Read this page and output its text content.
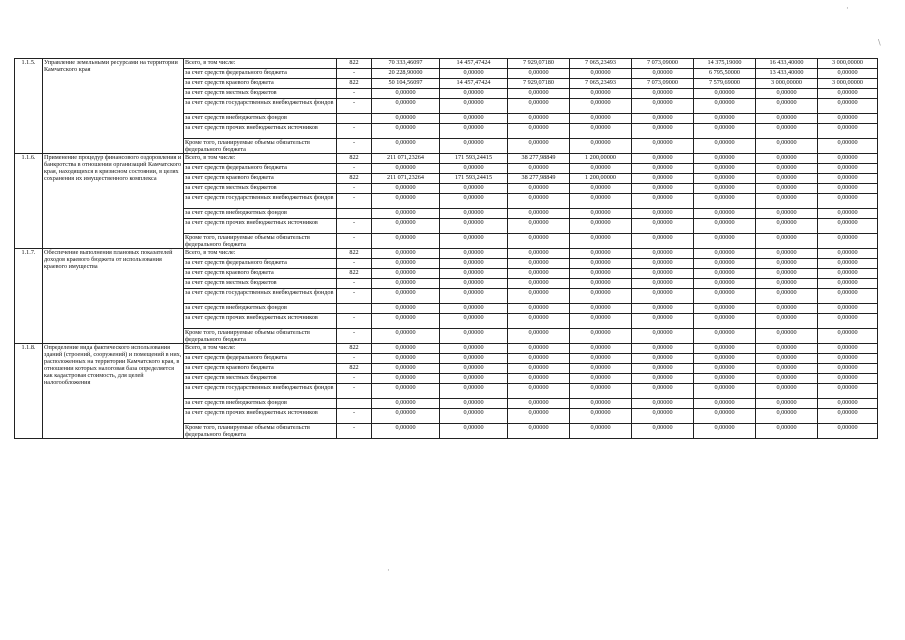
·
\
·
1.1.5.	Управление земельными ресурсами на территории Камчатского края	Всего, в том числе:	822	70 333,46097	14 457,47424	7 929,07180	7 065,23493	7 073,09000	14 375,19000	16 433,40000	3 000,00000
		за счет средств федерального бюджета	-	20 228,90000	0,00000	0,00000	0,00000	0,00000	6 795,50000	13 433,40000	0,00000
		за счет средств краевого бюджета	822	50 104,56097	14 457,47424	7 929,07180	7 065,23493	7 073,09000	7 579,69000	3 000,00000	3 000,00000
		за счет средств местных бюджетов	-	0,00000	0,00000	0,00000	0,00000	0,00000	0,00000	0,00000	0,00000
		за счет средств государственных внебюджетных фондов	-	0,00000	0,00000	0,00000	0,00000	0,00000	0,00000	0,00000	0,00000
		за счет средств внебюджетных фондов		0,00000	0,00000	0,00000	0,00000	0,00000	0,00000	0,00000	0,00000
		за счет средств прочих внебюджетных источников	-	0,00000	0,00000	0,00000	0,00000	0,00000	0,00000	0,00000	0,00000
		Кроме того, планируемые объемы обязательств федерального бюджета	-	0,00000	0,00000	0,00000	0,00000	0,00000	0,00000	0,00000	0,00000
1.1.6.	Применение процедур финансового оздоровления и банкротства в отношении организаций Камчатского края, находящихся в кризисном состоянии, в целях сохранения их имущественного комплекса	Всего, в том числе:	822	211 071,23264	171 593,24415	38 277,98849	1 200,00000	0,00000	0,00000	0,00000	0,00000
		за счет средств федерального бюджета	-	0,00000	0,00000	0,00000	0,00000	0,00000	0,00000	0,00000	0,00000
		за счет средств краевого бюджета	822	211 071,23264	171 593,24415	38 277,98849	1 200,00000	0,00000	0,00000	0,00000	0,00000
		за счет средств местных бюджетов	-	0,00000	0,00000	0,00000	0,00000	0,00000	0,00000	0,00000	0,00000
		за счет средств государственных внебюджетных фондов	-	0,00000	0,00000	0,00000	0,00000	0,00000	0,00000	0,00000	0,00000
		за счет средств внебюджетных фондов		0,00000	0,00000	0,00000	0,00000	0,00000	0,00000	0,00000	0,00000
		за счет средств прочих внебюджетных источников	-	0,00000	0,00000	0,00000	0,00000	0,00000	0,00000	0,00000	0,00000
		Кроме того, планируемые объемы обязательств федерального бюджета	-	0,00000	0,00000	0,00000	0,00000	0,00000	0,00000	0,00000	0,00000
1.1.7.	Обеспечение выполнения плановых показателей доходов краевого бюджета от использования краевого имущества	Всего, в том числе:	822	0,00000	0,00000	0,00000	0,00000	0,00000	0,00000	0,00000	0,00000
		за счет средств федерального бюджета	-	0,00000	0,00000	0,00000	0,00000	0,00000	0,00000	0,00000	0,00000
		за счет средств краевого бюджета	822	0,00000	0,00000	0,00000	0,00000	0,00000	0,00000	0,00000	0,00000
		за счет средств местных бюджетов	-	0,00000	0,00000	0,00000	0,00000	0,00000	0,00000	0,00000	0,00000
		за счет средств государственных внебюджетных фондов	-	0,00000	0,00000	0,00000	0,00000	0,00000	0,00000	0,00000	0,00000
		за счет средств внебюджетных фондов		0,00000	0,00000	0,00000	0,00000	0,00000	0,00000	0,00000	0,00000
		за счет средств прочих внебюджетных источников	-	0,00000	0,00000	0,00000	0,00000	0,00000	0,00000	0,00000	0,00000
		Кроме того, планируемые объемы обязательств федерального бюджета	-	0,00000	0,00000	0,00000	0,00000	0,00000	0,00000	0,00000	0,00000
1.1.8.	Определение вида фактического использования зданий (строений, сооружений) и помещений в них, расположенных на территории Камчатского края, в отношении которых налоговая база определяется как кадастровая стоимость, для целей налогообложения	Всего, в том числе:	822	0,00000	0,00000	0,00000	0,00000	0,00000	0,00000	0,00000	0,00000
		за счет средств федерального бюджета	-	0,00000	0,00000	0,00000	0,00000	0,00000	0,00000	0,00000	0,00000
		за счет средств краевого бюджета	822	0,00000	0,00000	0,00000	0,00000	0,00000	0,00000	0,00000	0,00000
		за счет средств местных бюджетов	-	0,00000	0,00000	0,00000	0,00000	0,00000	0,00000	0,00000	0,00000
		за счет средств государственных внебюджетных фондов	-	0,00000	0,00000	0,00000	0,00000	0,00000	0,00000	0,00000	0,00000
		за счет средств внебюджетных фондов		0,00000	0,00000	0,00000	0,00000	0,00000	0,00000	0,00000	0,00000
		за счет средств прочих внебюджетных источников	-	0,00000	0,00000	0,00000	0,00000	0,00000	0,00000	0,00000	0,00000
		Кроме того, планируемые объемы обязательств федерального бюджета	-	0,00000	0,00000	0,00000	0,00000	0,00000	0,00000	0,00000	0,00000
